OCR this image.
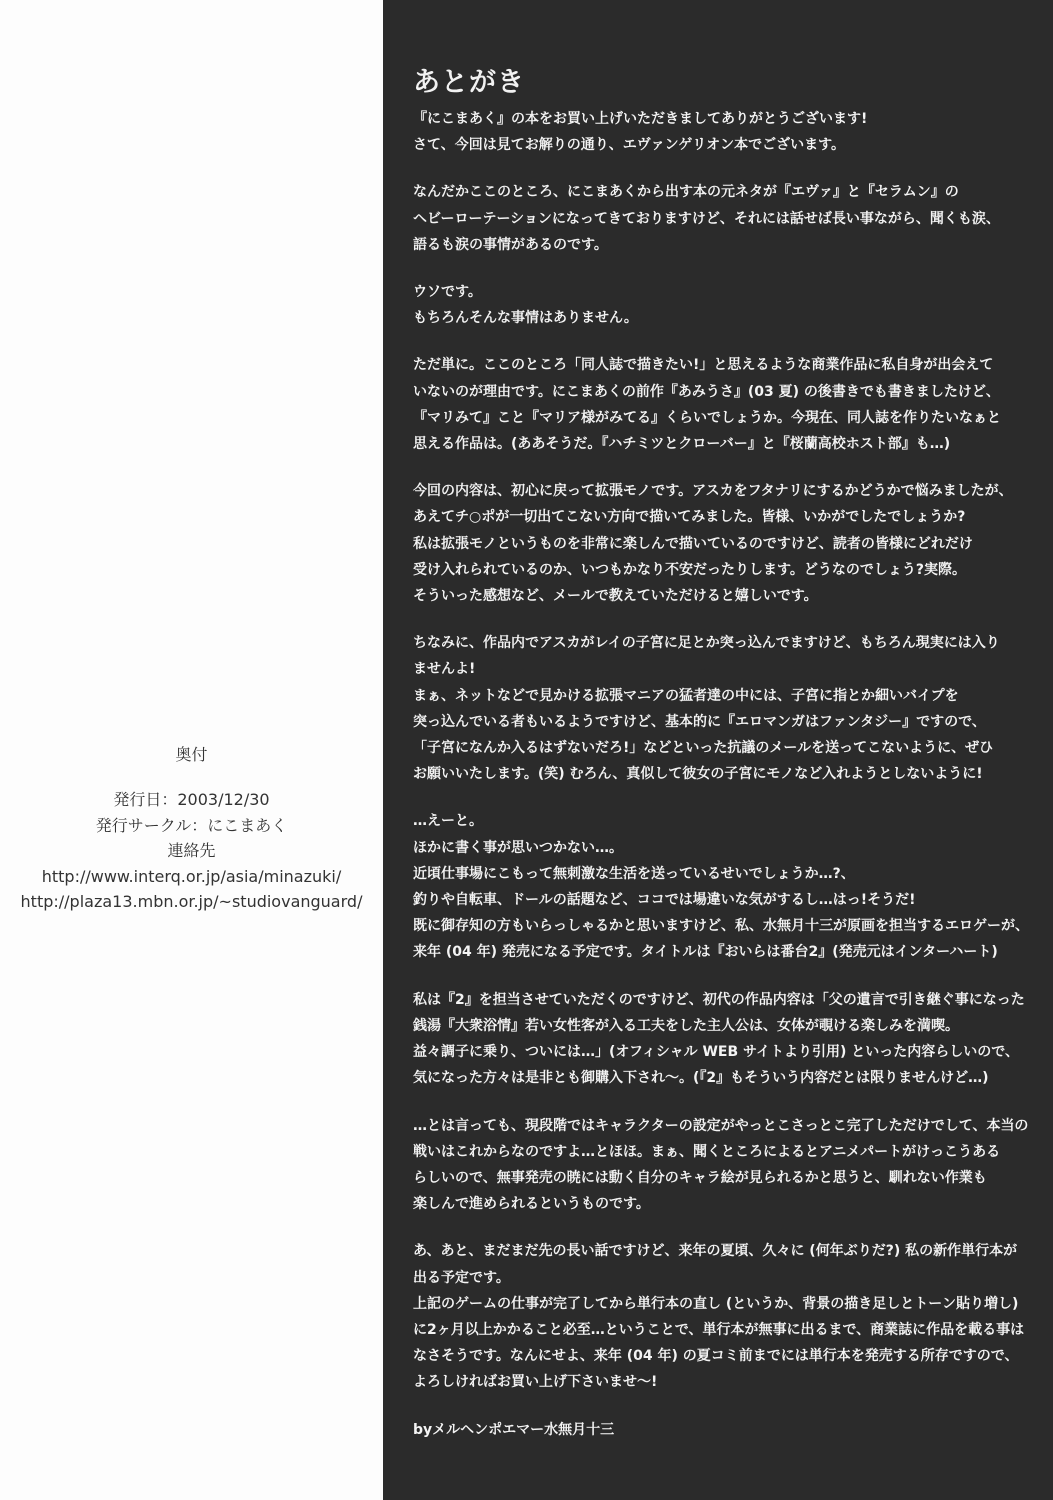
奥付
発行日：2003/12/30
発行サークル：にこまあく
連絡先
http://www.interq.or.jp/asia/minazuki/
http://plaza13.mbn.or.jp/~studiovanguard/
あとがき
『にこまあく』の本をお買い上げいただきましてありがとうございます!
さて、今回は見てお解りの通り、エヴァンゲリオン本でございます。
なんだかここのところ、にこまあくから出す本の元ネタが『エヴァ』と『セラムン』の
ヘビーローテーションになってきておりますけど、それには話せば長い事ながら、聞くも涙、
語るも涙の事情があるのです。
ウソです。
もちろんそんな事情はありません。
ただ単に。ここのところ「同人誌で描きたい!」と思えるような商業作品に私自身が出会えて
いないのが理由です。にこまあくの前作『あみうさ』(03 夏) の後書きでも書きましたけど、
『マリみて』こと『マリア様がみてる』くらいでしょうか。今現在、同人誌を作りたいなぁと
思える作品は。(ああそうだ。『ハチミツとクローバー』と『桜蘭高校ホスト部』も…)
今回の内容は、初心に戻って拡張モノです。アスカをフタナリにするかどうかで悩みましたが、
あえてチ○ポが一切出てこない方向で描いてみました。皆様、いかがでしたでしょうか?
私は拡張モノというものを非常に楽しんで描いているのですけど、読者の皆様にどれだけ
受け入れられているのか、いつもかなり不安だったりします。どうなのでしょう?実際。
そういった感想など、メールで教えていただけると嬉しいです。
ちなみに、作品内でアスカがレイの子宮に足とか突っ込んでますけど、もちろん現実には入り
ませんよ!
まぁ、ネットなどで見かける拡張マニアの猛者達の中には、子宮に指とか細いバイプを
突っ込んでいる者もいるようですけど、基本的に『エロマンガはファンタジー』ですので、
「子宮になんか入るはずないだろ!」などといった抗議のメールを送ってこないように、ぜひ
お願いいたします。(笑) むろん、真似して彼女の子宮にモノなど入れようとしないように!
…えーと。
ほかに書く事が思いつかない…。
近頃仕事場にこもって無刺激な生活を送っているせいでしょうか…?、
釣りや自転車、ドールの話題など、ココでは場違いな気がするし…はっ!そうだ!
既に御存知の方もいらっしゃるかと思いますけど、私、水無月十三が原画を担当するエロゲーが、
来年 (04 年) 発売になる予定です。タイトルは『おいらは番台2』(発売元はインターハート)
私は『2』を担当させていただくのですけど、初代の作品内容は「父の遺言で引き継ぐ事になった
銭湯『大衆浴情』若い女性客が入る工夫をした主人公は、女体が覗ける楽しみを満喫。
益々調子に乗り、ついには…」(オフィシャル WEB サイトより引用) といった内容らしいので、
気になった方々は是非とも御購入下され〜。(『2』もそういう内容だとは限りませんけど…)
…とは言っても、現段階ではキャラクターの設定がやっとこさっとこ完了しただけでして、本当の
戦いはこれからなのですよ…とほほ。まぁ、聞くところによるとアニメパートがけっこうある
らしいので、無事発売の暁には動く自分のキャラ絵が見られるかと思うと、馴れない作業も
楽しんで進められるというものです。
あ、あと、まだまだ先の長い話ですけど、来年の夏頃、久々に (何年ぶりだ?) 私の新作単行本が
出る予定です。
上記のゲームの仕事が完了してから単行本の直し (というか、背景の描き足しとトーン貼り増し)
に2ヶ月以上かかること必至…ということで、単行本が無事に出るまで、商業誌に作品を載る事は
なさそうです。なんにせよ、来年 (04 年) の夏コミ前までには単行本を発売する所存ですので、
よろしければお買い上げ下さいませ〜!
byメルヘンポエマー水無月十三
